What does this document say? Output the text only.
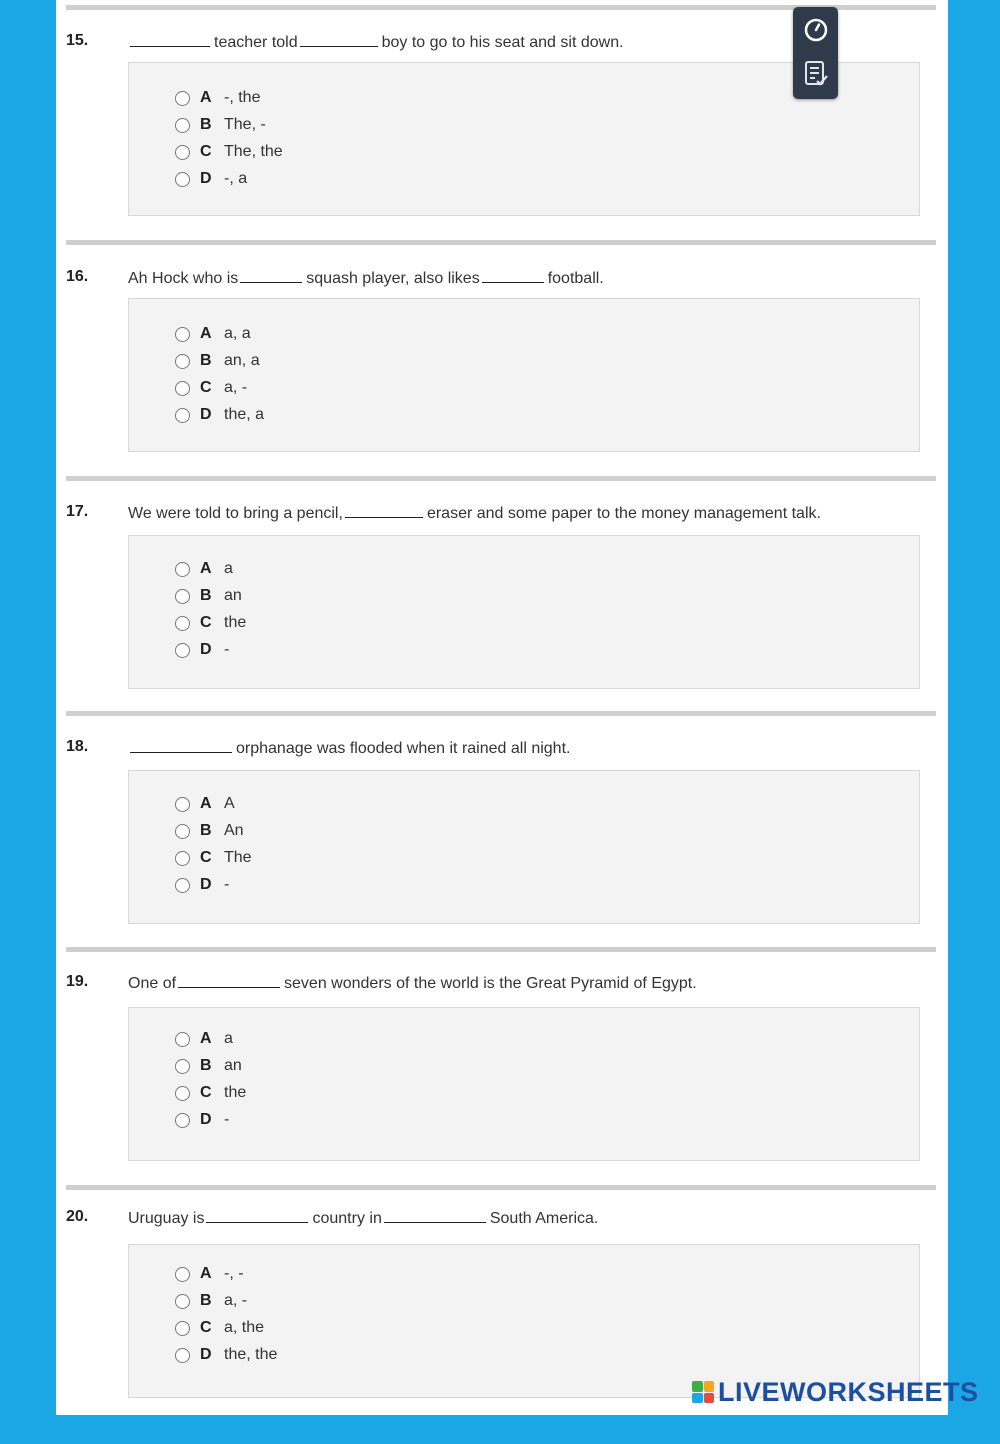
15.	teacher told	boy to go to his seat and sit down.
A -, the
B The, -
C The, the
D -, a
16. Ah Hock who is	squash player, also likes	football.
A a, a
B an, a
C a, -
D the, a
17. We were told to bring a pencil,	eraser and some paper to the money management talk.
A a
B an
C the
D -
18.	orphanage was flooded when it rained all night.
A A
B An
C The
D -
19. One of	seven wonders of the world is the Great Pyramid of Egypt.
A a
B an
C the
D -
20. Uruguay is	country in	South America.
A -, -
B a, -
C a, the
D the, the
LIVEWORKSHEETS
